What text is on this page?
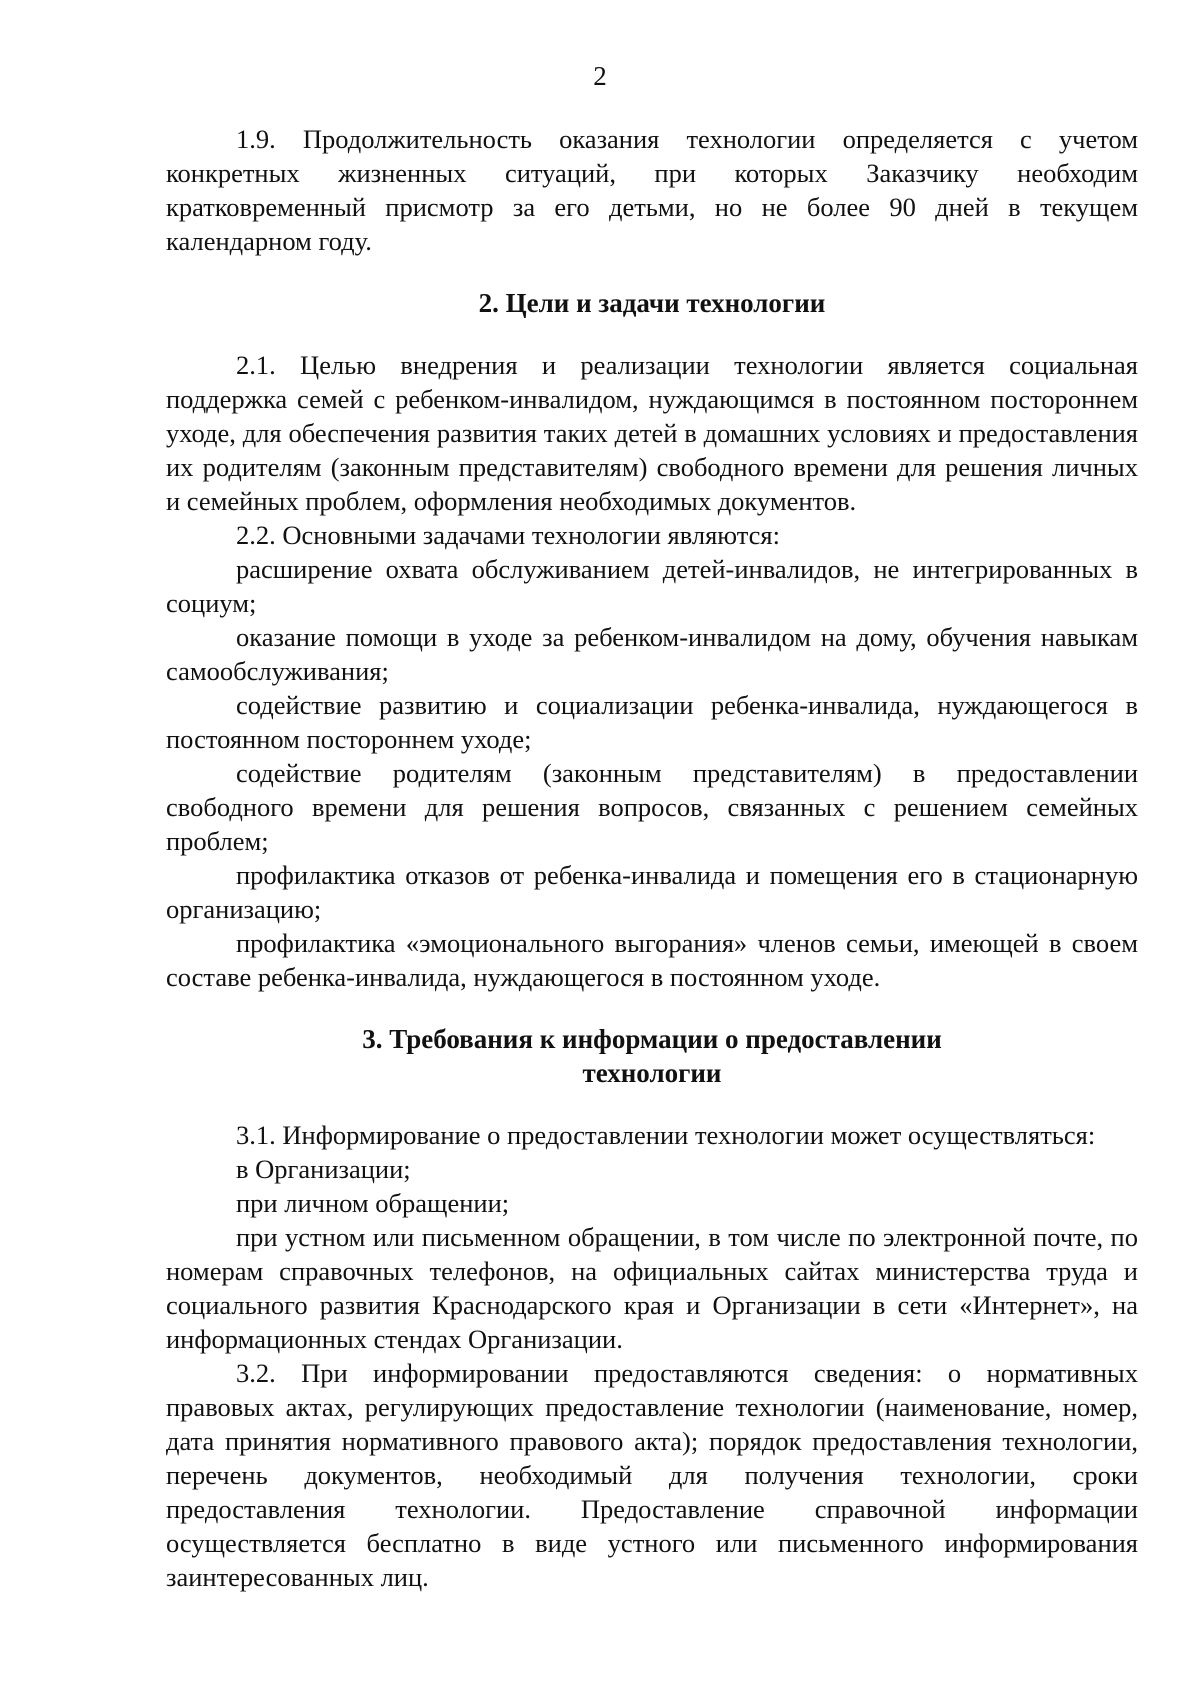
2

1.9. Продолжительность оказания технологии определяется с учетом конкретных жизненных ситуаций, при которых Заказчику необходим кратковременный присмотр за его детьми, но не более 90 дней в текущем календарном году.

2. Цели и задачи технологии

2.1. Целью внедрения и реализации технологии является социальная поддержка семей с ребенком-инвалидом, нуждающимся в постоянном постороннем уходе, для обеспечения развития таких детей в домашних условиях и предоставления их родителям (законным представителям) свободного времени для решения личных и семейных проблем, оформления необходимых документов.

2.2. Основными задачами технологии являются:

расширение охвата обслуживанием детей-инвалидов, не интегрированных в социум;

оказание помощи в уходе за ребенком-инвалидом на дому, обучения навыкам самообслуживания;

содействие развитию и социализации ребенка-инвалида, нуждающегося в постоянном постороннем уходе;

содействие родителям (законным представителям) в предоставлении свободного времени для решения вопросов, связанных с решением семейных проблем;

профилактика отказов от ребенка-инвалида и помещения его в стационарную организацию;

профилактика «эмоционального выгорания» членов семьи, имеющей в своем составе ребенка-инвалида, нуждающегося в постоянном уходе.

3. Требования к информации о предоставлении
технологии

3.1. Информирование о предоставлении технологии может осуществляться:

в Организации;

при личном обращении;

при устном или письменном обращении, в том числе по электронной почте, по номерам справочных телефонов, на официальных сайтах министерства труда и социального развития Краснодарского края и Организации в сети «Интернет», на информационных стендах Организации.

3.2. При информировании предоставляются сведения: о нормативных правовых актах, регулирующих предоставление технологии (наименование, номер, дата принятия нормативного правового акта); порядок предоставления технологии, перечень документов, необходимый для получения технологии, сроки предоставления технологии. Предоставление справочной информации осуществляется бесплатно в виде устного или письменного информирования заинтересованных лиц.
